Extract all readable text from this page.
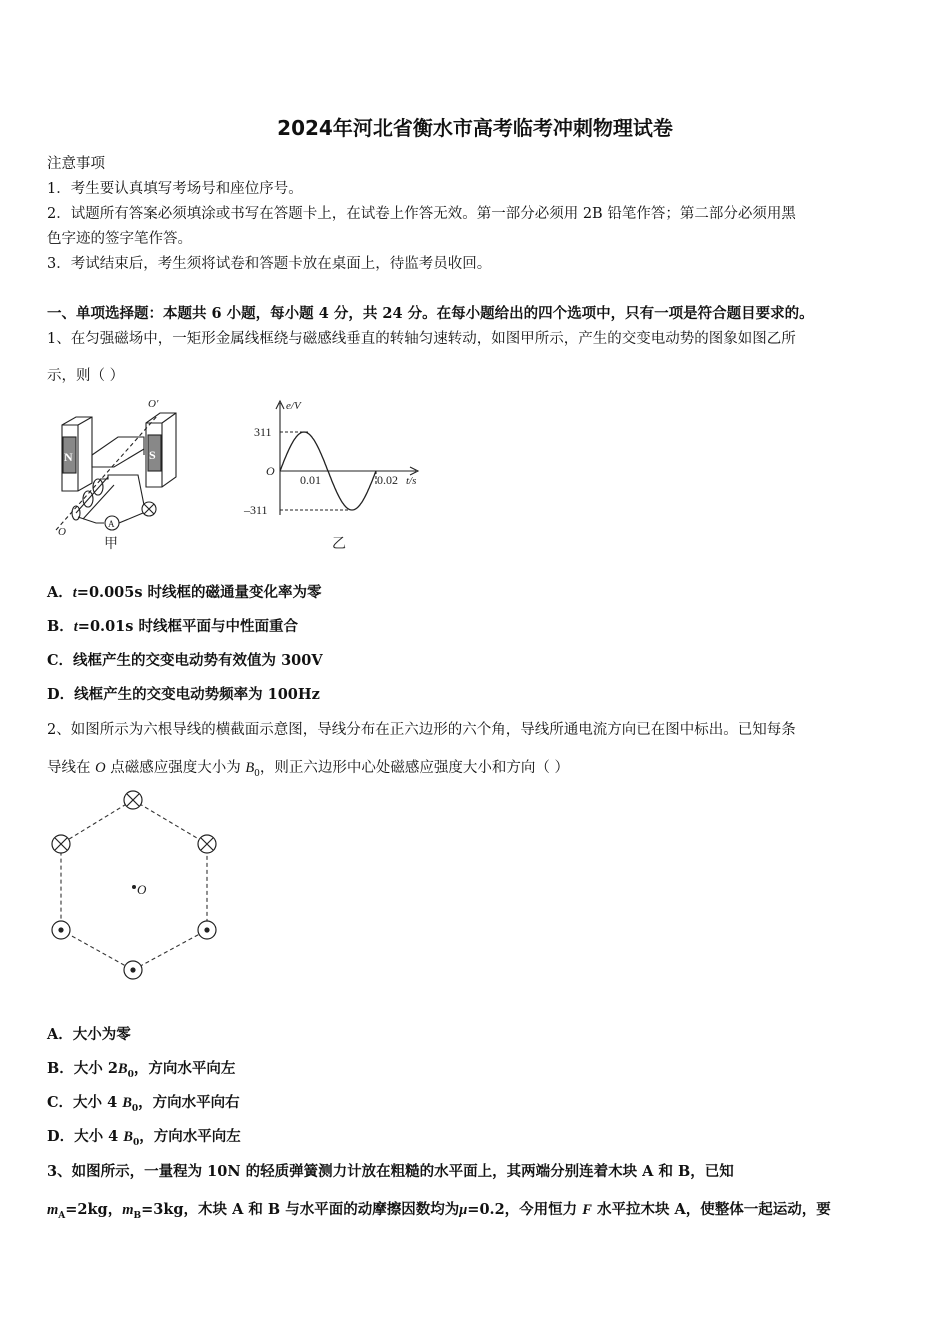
2024年河北省衡水市高考临考冲刺物理试卷
注意事项
1．考生要认真填写考场号和座位序号。
2．试题所有答案必须填涂或书写在答题卡上，在试卷上作答无效。第一部分必须用 2B 铅笔作答；第二部分必须用黑
色字迹的签字笔作答。
3．考试结束后，考生须将试卷和答题卡放在桌面上，待监考员收回。
一、单项选择题：本题共 6 小题，每小题 4 分，共 24 分。在每小题给出的四个选项中，只有一项是符合题目要求的。
1、在匀强磁场中，一矩形金属线框绕与磁感线垂直的转轴匀速转动，如图甲所示，产生的交变电动势的图象如图乙所
示，则（ ）
N	S
A
O′
O
甲
e/V
311
O
0.01	0.02 t/s
–311
乙
A．t=0.005s 时线框的磁通量变化率为零
B．t=0.01s 时线框平面与中性面重合
C．线框产生的交变电动势有效值为 300V
D．线框产生的交变电动势频率为 100Hz
2、如图所示为六根导线的横截面示意图，导线分布在正六边形的六个角，导线所通电流方向已在图中标出。已知每条
导线在 O 点磁感应强度大小为 $B_0$，则正六边形中心处磁感应强度大小和方向（ ）
O
A．大小为零
B．大小 $2B_0$，方向水平向左
C．大小 4 $B_0$，方向水平向右
D．大小 4 $B_0$，方向水平向左
3、如图所示，一量程为 10N 的轻质弹簧测力计放在粗糙的水平面上，其两端分别连着木块 A 和 B，已知
$m_A=2kg$，$m_B=3kg$，木块 A 和 B 与水平面的动摩擦因数均为μ=0.2，今用恒力 F 水平拉木块 A，使整体一起运动，要
